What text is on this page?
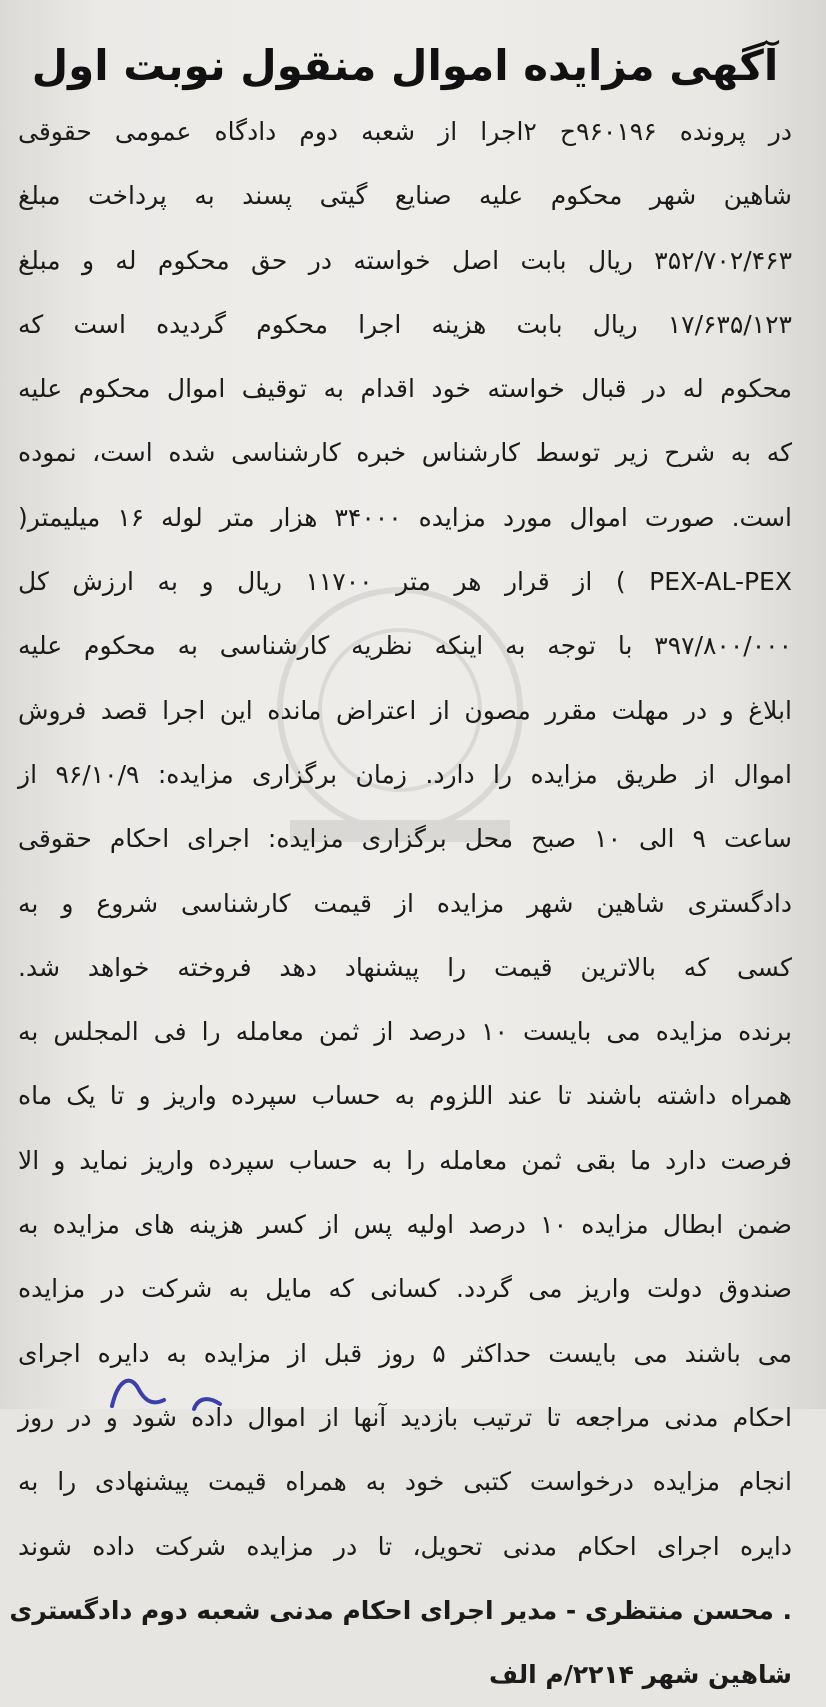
آگهی مزایده اموال منقول نوبت اول
در پرونده ۹۶۰۱۹۶ح ۲اجرا از شعبه دوم دادگاه عمومی حقوقی
شاهین شهر محکوم علیه صنایع گیتی پسند به پرداخت مبلغ
۳۵۲/۷۰۲/۴۶۳ ریال بابت اصل خواسته در حق محکوم له و مبلغ
۱۷/۶۳۵/۱۲۳ ریال بابت هزینه اجرا محکوم گردیده است که
محکوم له در قبال خواسته خود اقدام به توقیف اموال محکوم علیه
که به شرح زیر توسط کارشناس خبره کارشناسی شده است، نموده
است. صورت اموال مورد مزایده ۳۴۰۰۰ هزار متر لوله ۱۶ میلیمتر(
PEX-AL-PEX ) از قرار هر متر ۱۱۷۰۰ ریال و به ارزش کل
۳۹۷/۸۰۰/۰۰۰ با توجه به اینکه نظریه کارشناسی به محکوم علیه
ابلاغ و در مهلت مقرر مصون از اعتراض مانده این اجرا قصد فروش
اموال از طریق مزایده را دارد. زمان برگزاری مزایده: ۹۶/۱۰/۹ از
ساعت ۹ الی ۱۰ صبح محل برگزاری مزایده: اجرای احکام حقوقی
دادگستری شاهین شهر مزایده از قیمت کارشناسی شروع و به
کسی که بالاترین قیمت را پیشنهاد دهد فروخته خواهد شد.
برنده مزایده می بایست ۱۰ درصد از ثمن معامله را فی المجلس به
همراه داشته باشند تا عند اللزوم به حساب سپرده واریز و تا یک ماه
فرصت دارد ما بقی ثمن معامله را به حساب سپرده واریز نماید و الا
ضمن ابطال مزایده ۱۰ درصد اولیه پس از کسر هزینه های مزایده به
صندوق دولت واریز می گردد. کسانی که مایل به شرکت در مزایده
می باشند می بایست حداکثر ۵ روز قبل از مزایده به دایره اجرای
احکام مدنی مراجعه تا ترتیب بازدید آنها از اموال داده شود و در روز
انجام مزایده درخواست کتبی خود به همراه قیمت پیشنهادی را به
دایره اجرای احکام مدنی تحویل، تا در مزایده شرکت داده شوند
. محسن منتظری - مدیر اجرای احکام مدنی شعبه دوم دادگستری
شاهین شهر ۲۲۱۴/م الف
